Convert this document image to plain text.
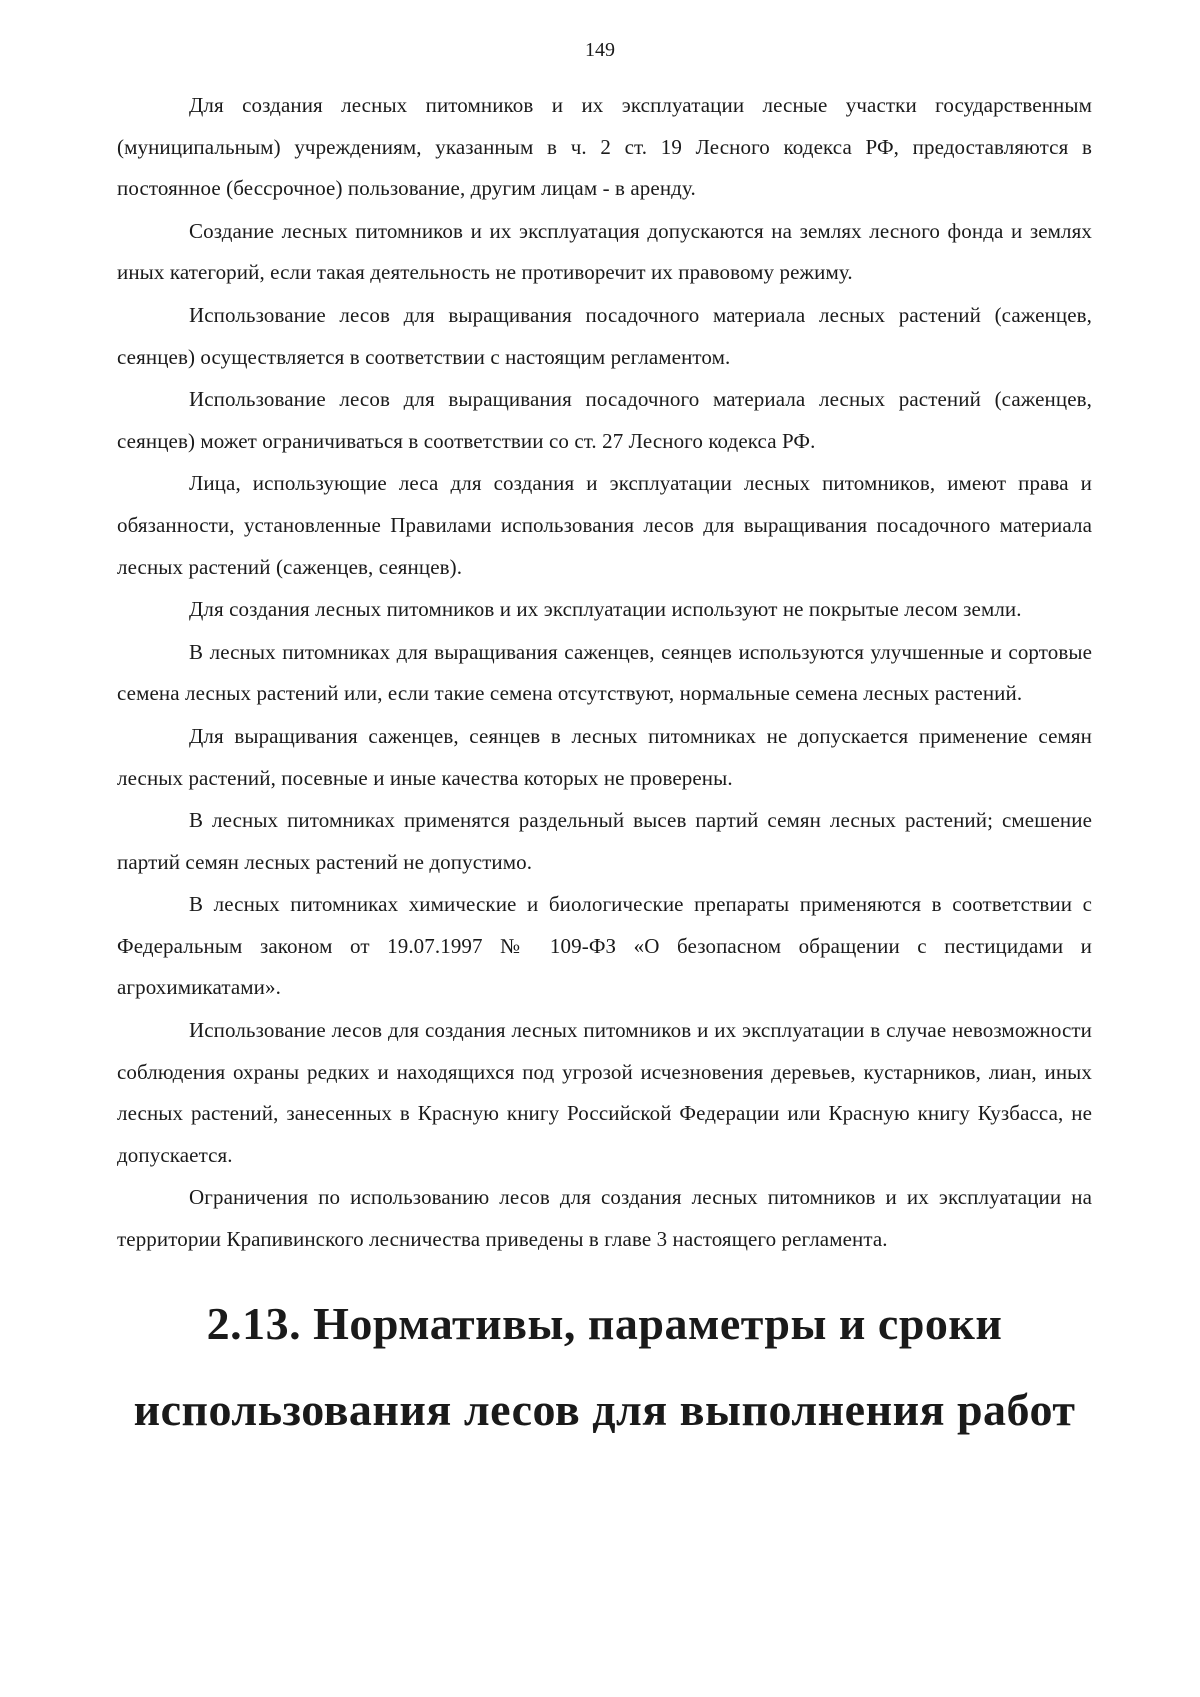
149

Для создания лесных питомников и их эксплуатации лесные участки государственным (муниципальным) учреждениям, указанным в ч. 2 ст. 19 Лесного кодекса РФ, предоставляются в постоянное (бессрочное) пользование, другим лицам - в аренду.

Создание лесных питомников и их эксплуатация допускаются на землях лесного фонда и землях иных категорий, если такая деятельность не противоречит их правовому режиму.

Использование лесов для выращивания посадочного материала лесных растений (саженцев, сеянцев) осуществляется в соответствии с настоящим регламентом.

Использование лесов для выращивания посадочного материала лесных растений (саженцев, сеянцев) может ограничиваться в соответствии со ст. 27 Лесного кодекса РФ.

Лица, использующие леса для создания и эксплуатации лесных питомников, имеют права и обязанности, установленные Правилами использования лесов для выращивания посадочного материала лесных растений (саженцев, сеянцев).

Для создания лесных питомников и их эксплуатации используют не покрытые лесом земли.

В лесных питомниках для выращивания саженцев, сеянцев используются улучшенные и сортовые семена лесных растений или, если такие семена отсутствуют, нормальные семена лесных растений.

Для выращивания саженцев, сеянцев в лесных питомниках не допускается применение семян лесных растений, посевные и иные качества которых не проверены.

В лесных питомниках применятся раздельный высев партий семян лесных растений; смешение партий семян лесных растений не допустимо.

В лесных питомниках химические и биологические препараты применяются в соответствии с Федеральным законом от 19.07.1997 № 109-ФЗ «О безопасном обращении с пестицидами и агрохимикатами».

Использование лесов для создания лесных питомников и их эксплуатации в случае невозможности соблюдения охраны редких и находящихся под угрозой исчезновения деревьев, кустарников, лиан, иных лесных растений, занесенных в Красную книгу Российской Федерации или Красную книгу Кузбасса, не допускается.

Ограничения по использованию лесов для создания лесных питомников и их эксплуатации на территории Крапивинского лесничества приведены в главе 3 настоящего регламента.

2.13. Нормативы, параметры и сроки
использования лесов для выполнения работ
